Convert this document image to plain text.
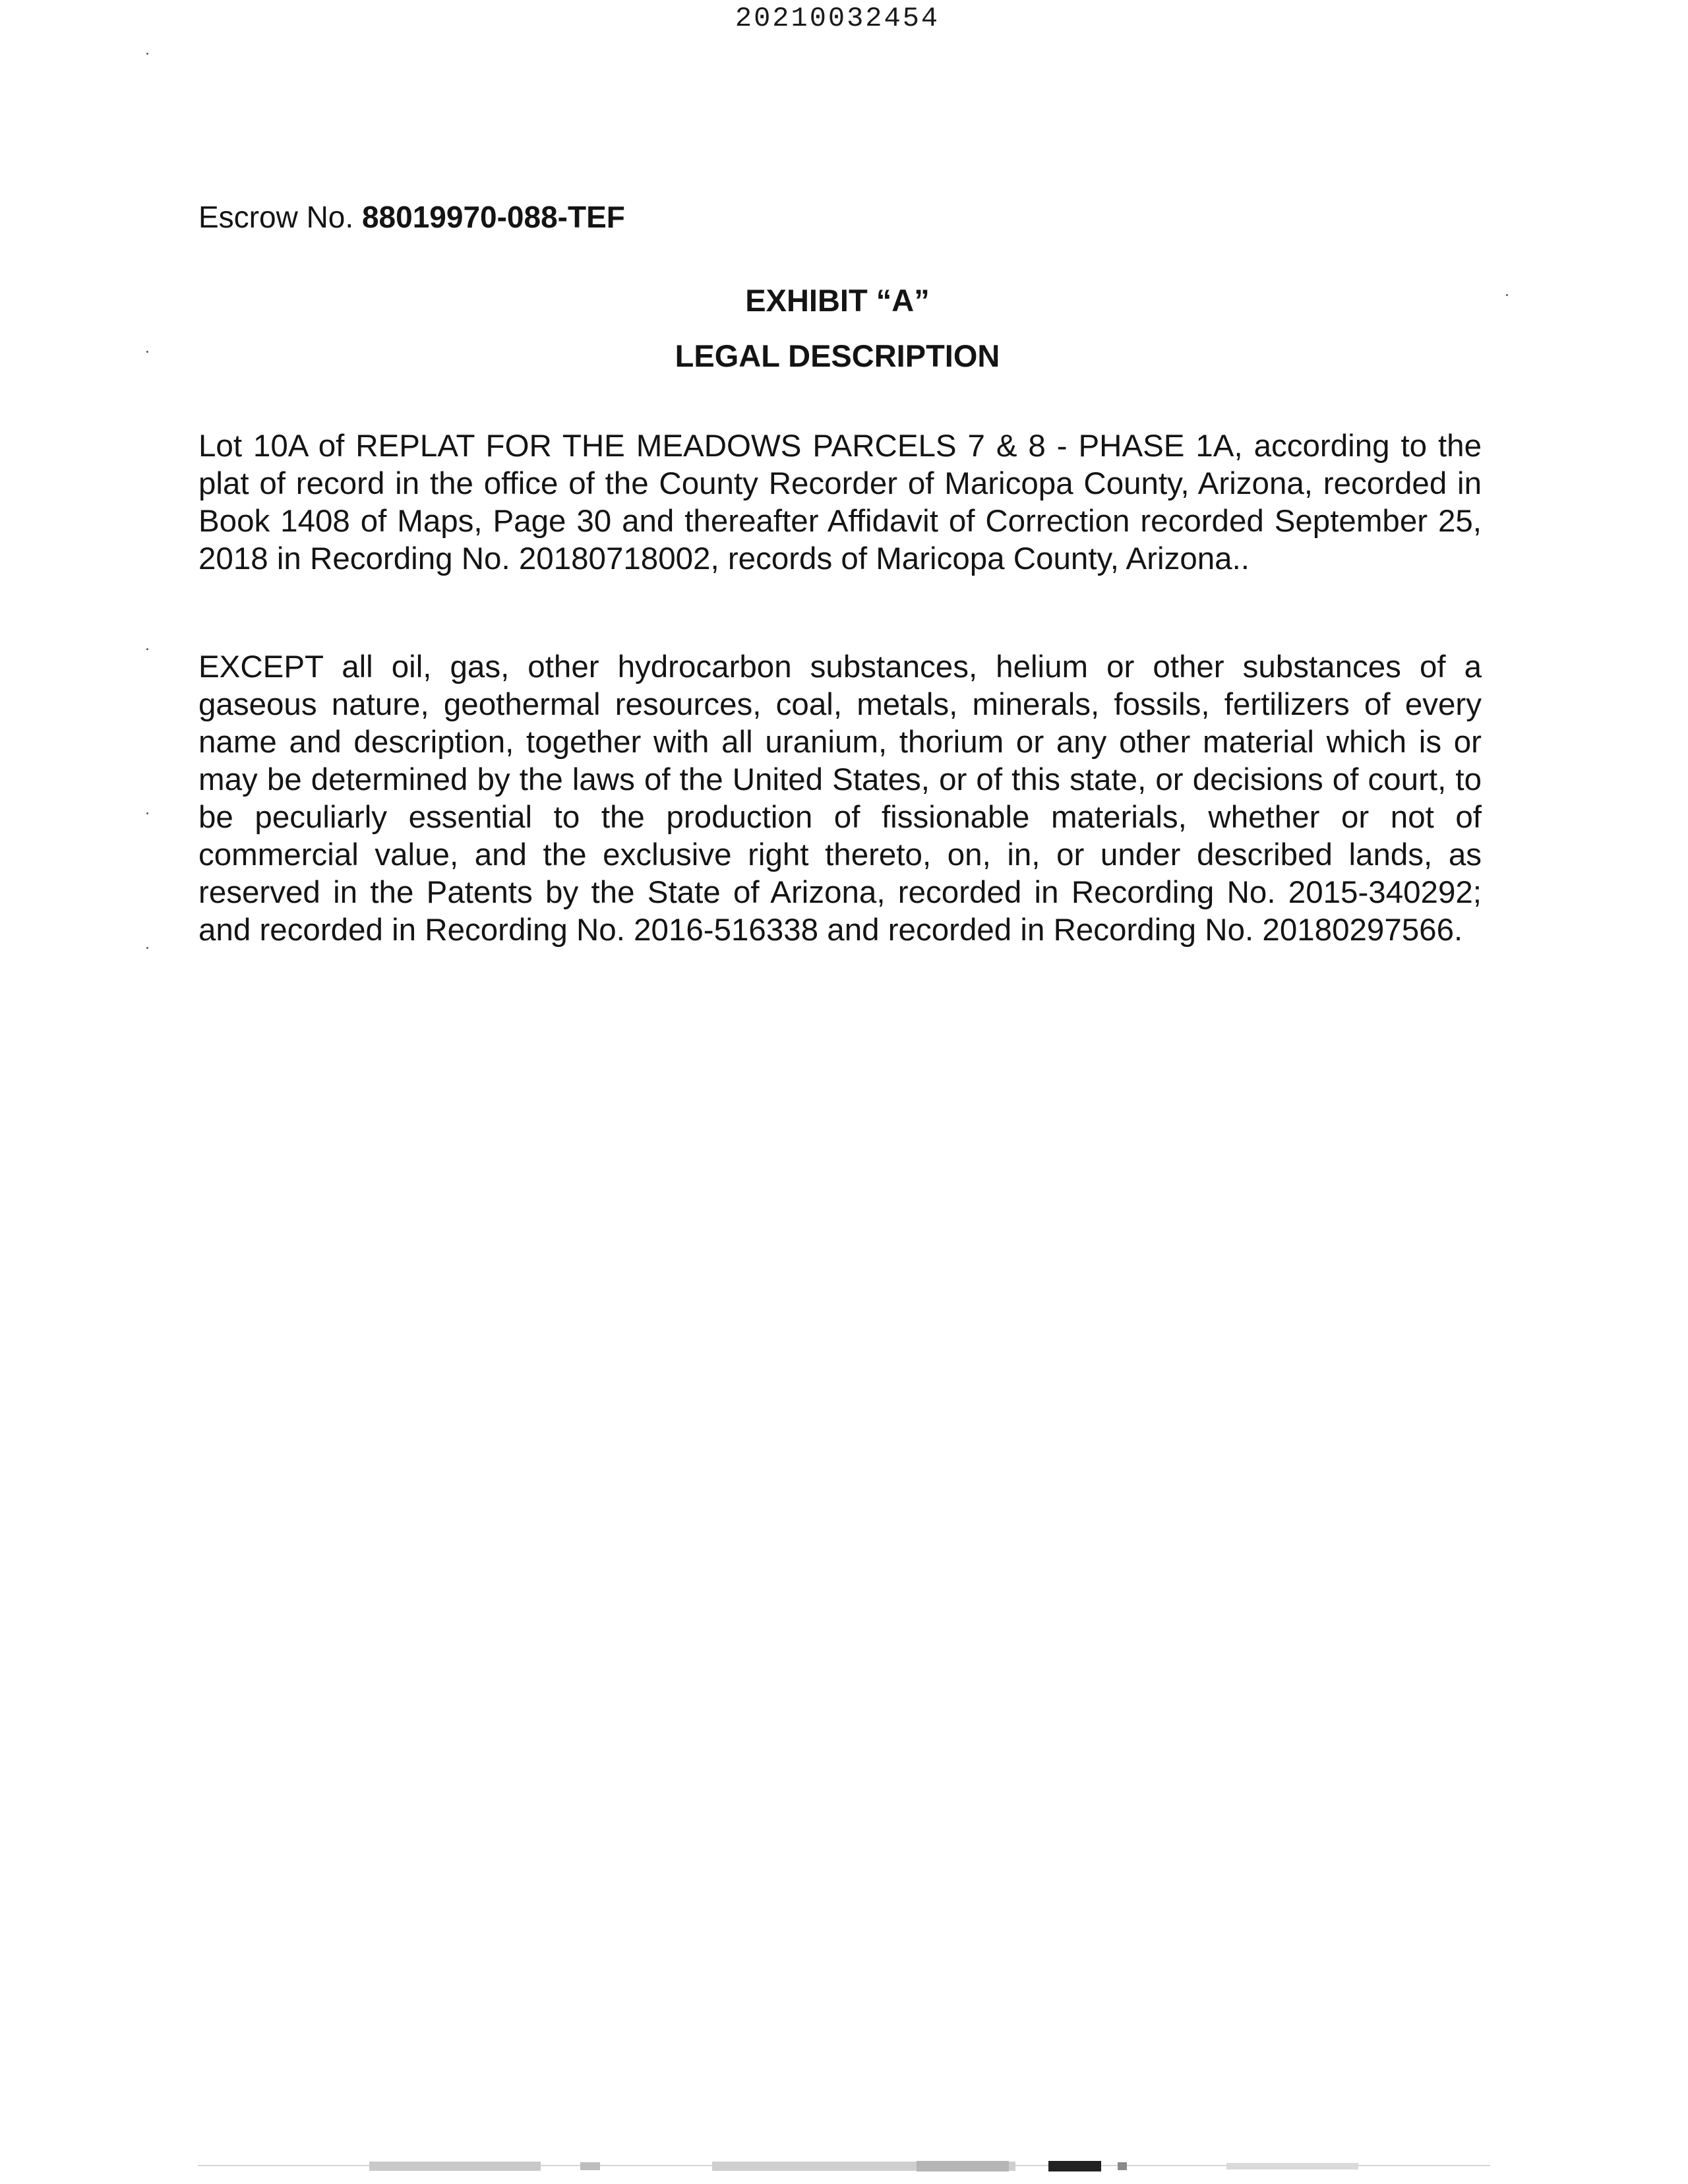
20210032454
Escrow No. 88019970-088-TEF
EXHIBIT “A”
LEGAL DESCRIPTION
Lot 10A of REPLAT FOR THE MEADOWS PARCELS 7 & 8 - PHASE 1A, according to the plat of record in the office of the County Recorder of Maricopa County, Arizona, recorded in Book 1408 of Maps, Page 30 and thereafter Affidavit of Correction recorded September 25, 2018 in Recording No. 20180718002, records of Maricopa County, Arizona..
EXCEPT all oil, gas, other hydrocarbon substances, helium or other substances of a gaseous nature, geothermal resources, coal, metals, minerals, fossils, fertilizers of every name and description, together with all uranium, thorium or any other material which is or may be determined by the laws of the United States, or of this state, or decisions of court, to be peculiarly essential to the production of fissionable materials, whether or not of commercial value, and the exclusive right thereto, on, in, or under described lands, as reserved in the Patents by the State of Arizona, recorded in Recording No. 2015-340292; and recorded in Recording No. 2016-516338 and recorded in Recording No. 20180297566.
